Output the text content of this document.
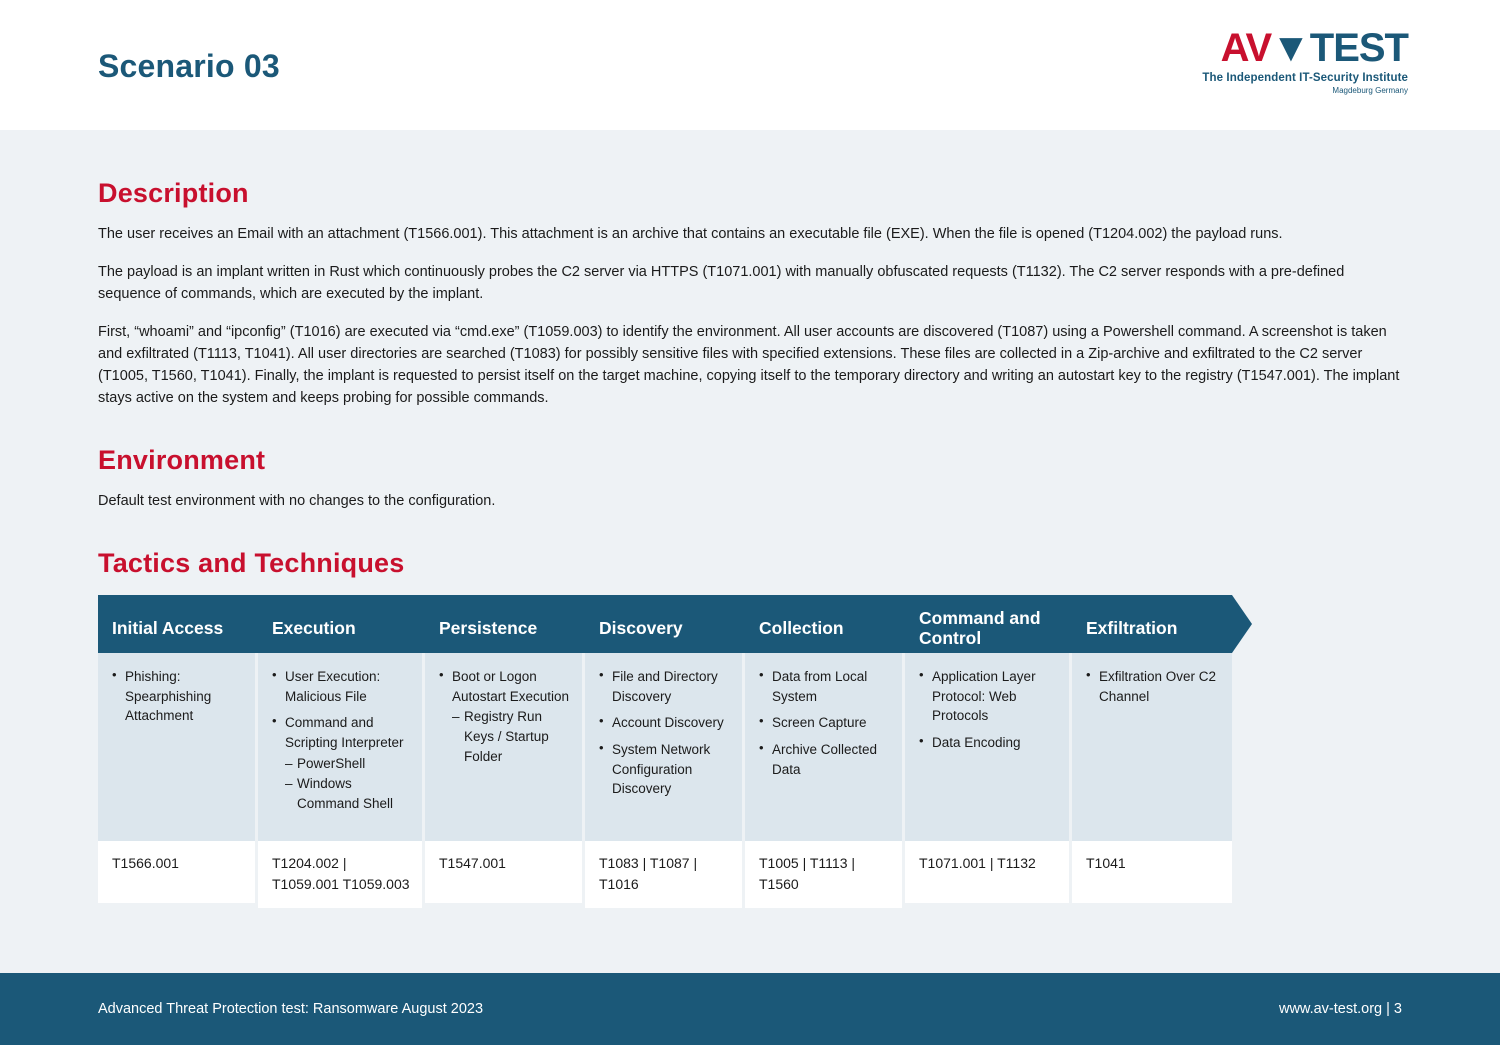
Scenario 03	AV▼TEST
The Independent IT-Security Institute
Magdeburg Germany
Description

The user receives an Email with an attachment (T1566.001). This attachment is an archive that contains an executable file (EXE). When the file is opened (T1204.002) the payload runs.

The payload is an implant written in Rust which continuously probes the C2 server via HTTPS (T1071.001) with manually obfuscated requests (T1132). The C2 server responds with a pre-defined sequence of commands, which are executed by the implant.

First, “whoami” and “ipconfig” (T1016) are executed via “cmd.exe” (T1059.003) to identify the environment. All user accounts are discovered (T1087) using a Powershell command. A screenshot is taken and exfiltrated (T1113, T1041). All user directories are searched (T1083) for possibly sensitive files with specified extensions. These files are collected in a Zip-archive and exfiltrated to the C2 server (T1005, T1560, T1041). Finally, the implant is requested to persist itself on the target machine, copying itself to the temporary directory and writing an autostart key to the registry (T1547.001). The implant stays active on the system and keeps probing for possible commands.

Environment

Default test environment with no changes to the configuration.

Tactics and Techniques
Initial Access
• Phishing: Spearphishing Attachment
T1566.001
Execution
• User Execution: Malicious File
• Command and Scripting Interpreter
– PowerShell
– Windows Command Shell
T1204.002 | T1059.001 T1059.003
Persistence
• Boot or Logon Autostart Execution
– Registry Run Keys / Startup Folder
T1547.001
Discovery
• File and Directory Discovery
• Account Discovery
• System Network Configuration Discovery
T1083 | T1087 | T1016
Collection
• Data from Local System
• Screen Capture
• Archive Collected Data
T1005 | T1113 | T1560
Command and Control
• Application Layer Protocol: Web Protocols
• Data Encoding
T1071.001 | T1132
Exfiltration
• Exfiltration Over C2 Channel
T1041
Advanced Threat Protection test: Ransomware August 2023	www.av-test.org | 3
